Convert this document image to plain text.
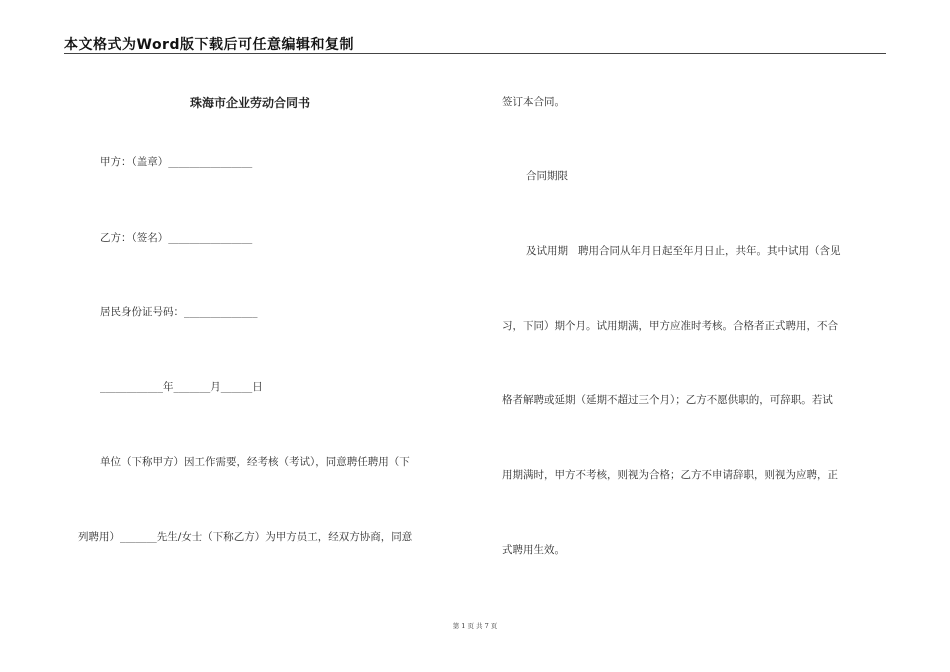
本文格式为Word版下载后可任意编辑和复制
珠海市企业劳动合同书
甲方：（盖章）________________
乙方：（签名）________________
居民身份证号码：______________
____________年_______月______日
单位（下称甲方）因工作需要，经考核（考试），同意聘任聘用（下
列聘用）_______先生/女士（下称乙方）为甲方员工，经双方协商，同意
签订本合同。
合同期限
及试用期   聘用合同从年月日起至年月日止，共年。其中试用（含见
习，下同）期个月。试用期满，甲方应准时考核。合格者正式聘用，不合
格者解聘或延期（延期不超过三个月）；乙方不愿供职的，可辞职。若试
用期满时，甲方不考核，则视为合格；乙方不申请辞职，则视为应聘，正
式聘用生效。
第 1 页 共 7 页
